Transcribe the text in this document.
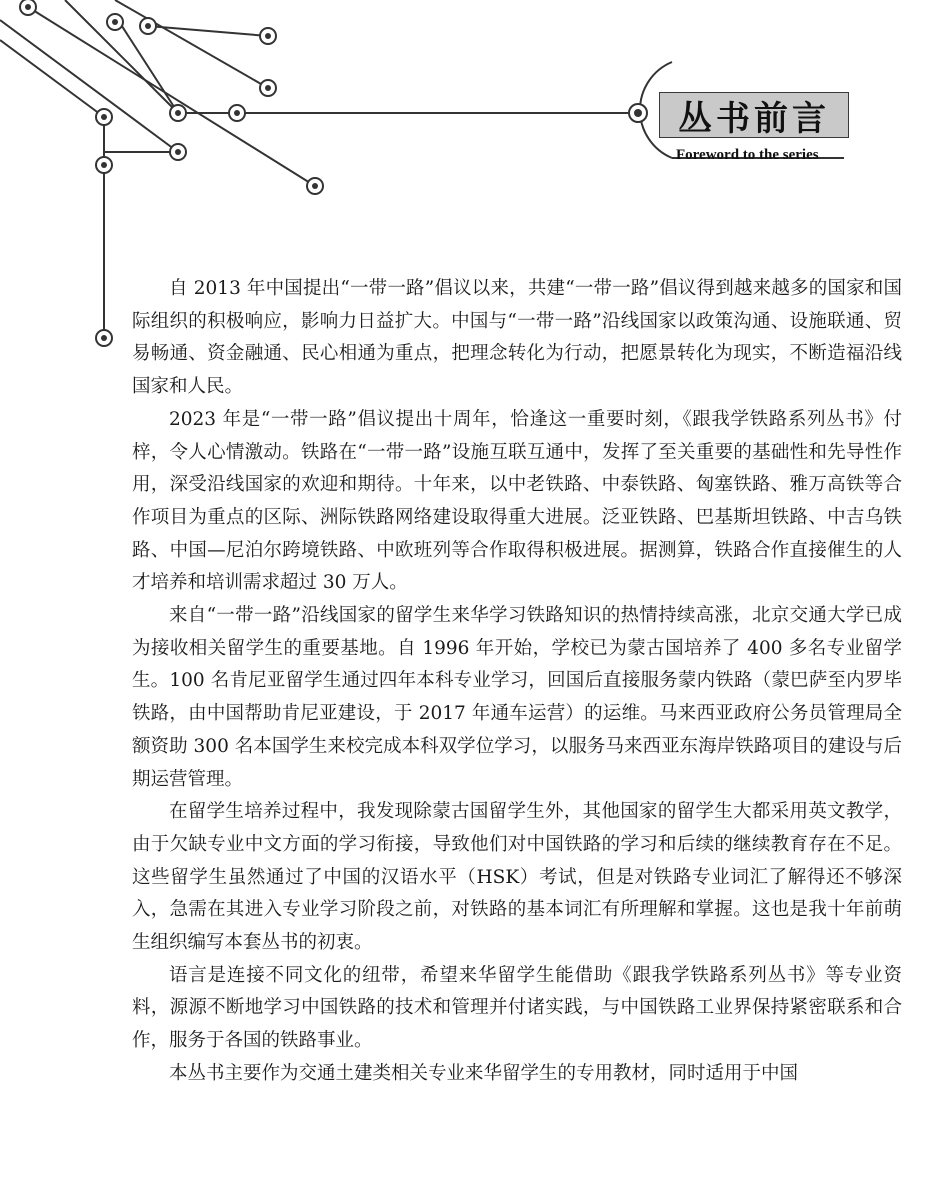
丛书前言
Foreword to the series

自 2013 年中国提出“一带一路”倡议以来，共建“一带一路”倡议得到越来越多的国家和国际组织的积极响应，影响力日益扩大。中国与“一带一路”沿线国家以政策沟通、设施联通、贸易畅通、资金融通、民心相通为重点，把理念转化为行动，把愿景转化为现实，不断造福沿线国家和人民。

2023 年是“一带一路”倡议提出十周年，恰逢这一重要时刻，《跟我学铁路系列丛书》付梓，令人心情激动。铁路在“一带一路”设施互联互通中，发挥了至关重要的基础性和先导性作用，深受沿线国家的欢迎和期待。十年来，以中老铁路、中泰铁路、匈塞铁路、雅万高铁等合作项目为重点的区际、洲际铁路网络建设取得重大进展。泛亚铁路、巴基斯坦铁路、中吉乌铁路、中国—尼泊尔跨境铁路、中欧班列等合作取得积极进展。据测算，铁路合作直接催生的人才培养和培训需求超过 30 万人。

来自“一带一路”沿线国家的留学生来华学习铁路知识的热情持续高涨，北京交通大学已成为接收相关留学生的重要基地。自 1996 年开始，学校已为蒙古国培养了 400 多名专业留学生。100 名肯尼亚留学生通过四年本科专业学习，回国后直接服务蒙内铁路（蒙巴萨至内罗毕铁路，由中国帮助肯尼亚建设，于 2017 年通车运营）的运维。马来西亚政府公务员管理局全额资助 300 名本国学生来校完成本科双学位学习，以服务马来西亚东海岸铁路项目的建设与后期运营管理。

在留学生培养过程中，我发现除蒙古国留学生外，其他国家的留学生大都采用英文教学，由于欠缺专业中文方面的学习衔接，导致他们对中国铁路的学习和后续的继续教育存在不足。这些留学生虽然通过了中国的汉语水平（HSK）考试，但是对铁路专业词汇了解得还不够深入，急需在其进入专业学习阶段之前，对铁路的基本词汇有所理解和掌握。这也是我十年前萌生组织编写本套丛书的初衷。

语言是连接不同文化的纽带，希望来华留学生能借助《跟我学铁路系列丛书》等专业资料，源源不断地学习中国铁路的技术和管理并付诸实践，与中国铁路工业界保持紧密联系和合作，服务于各国的铁路事业。

本丛书主要作为交通土建类相关专业来华留学生的专用教材，同时适用于中国
